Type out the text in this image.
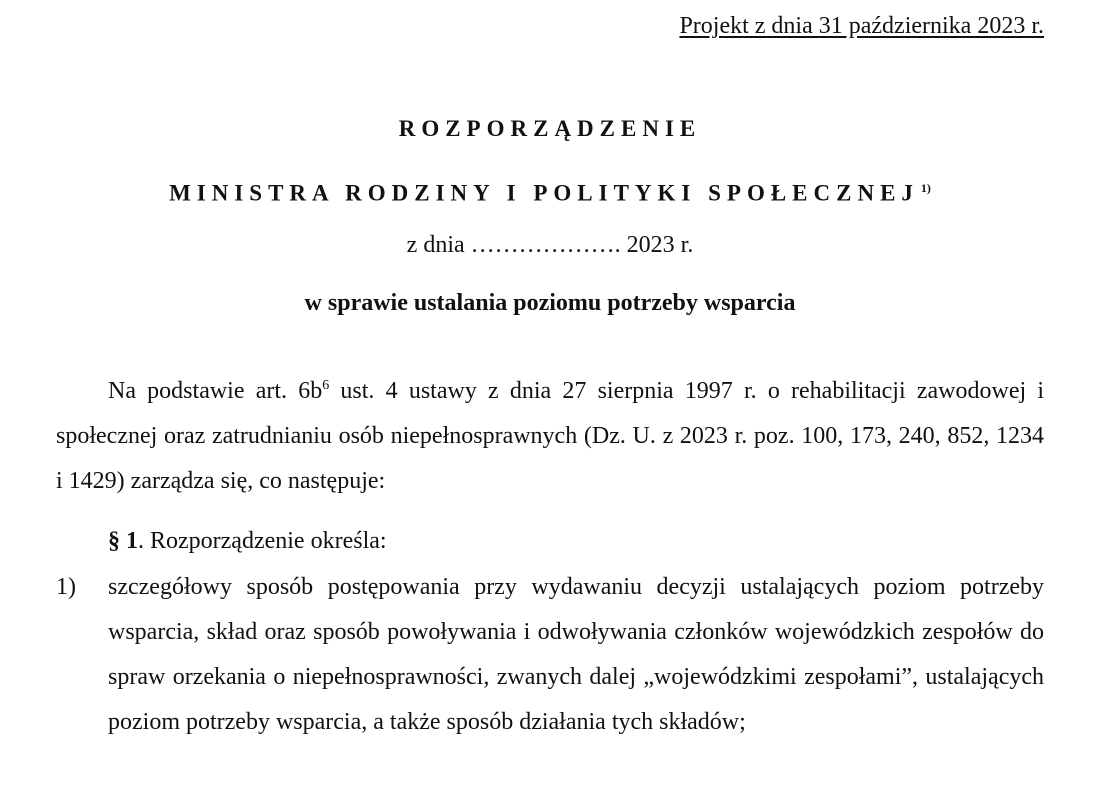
Projekt z dnia 31 października 2023 r.
ROZPORZĄDZENIE
MINISTRA RODZINY I POLITYKI SPOŁECZNEJ $^{1)}$
z dnia ………………. 2023 r.
w sprawie ustalania poziomu potrzeby wsparcia
Na podstawie art. $6b^6$ ust. 4 ustawy z dnia 27 sierpnia 1997 r. o rehabilitacji zawodowej i społecznej oraz zatrudnianiu osób niepełnosprawnych (Dz. U. z 2023 r. poz. 100, 173, 240, 852, 1234 i 1429) zarządza się, co następuje:
§ 1. Rozporządzenie określa:
1)	szczegółowy sposób postępowania przy wydawaniu decyzji ustalających poziom potrzeby wsparcia, skład oraz sposób powoływania i odwoływania członków wojewódzkich zespołów do spraw orzekania o niepełnosprawności, zwanych dalej „wojewódzkimi zespołami”, ustalających poziom potrzeby wsparcia, a także sposób działania tych składów;
